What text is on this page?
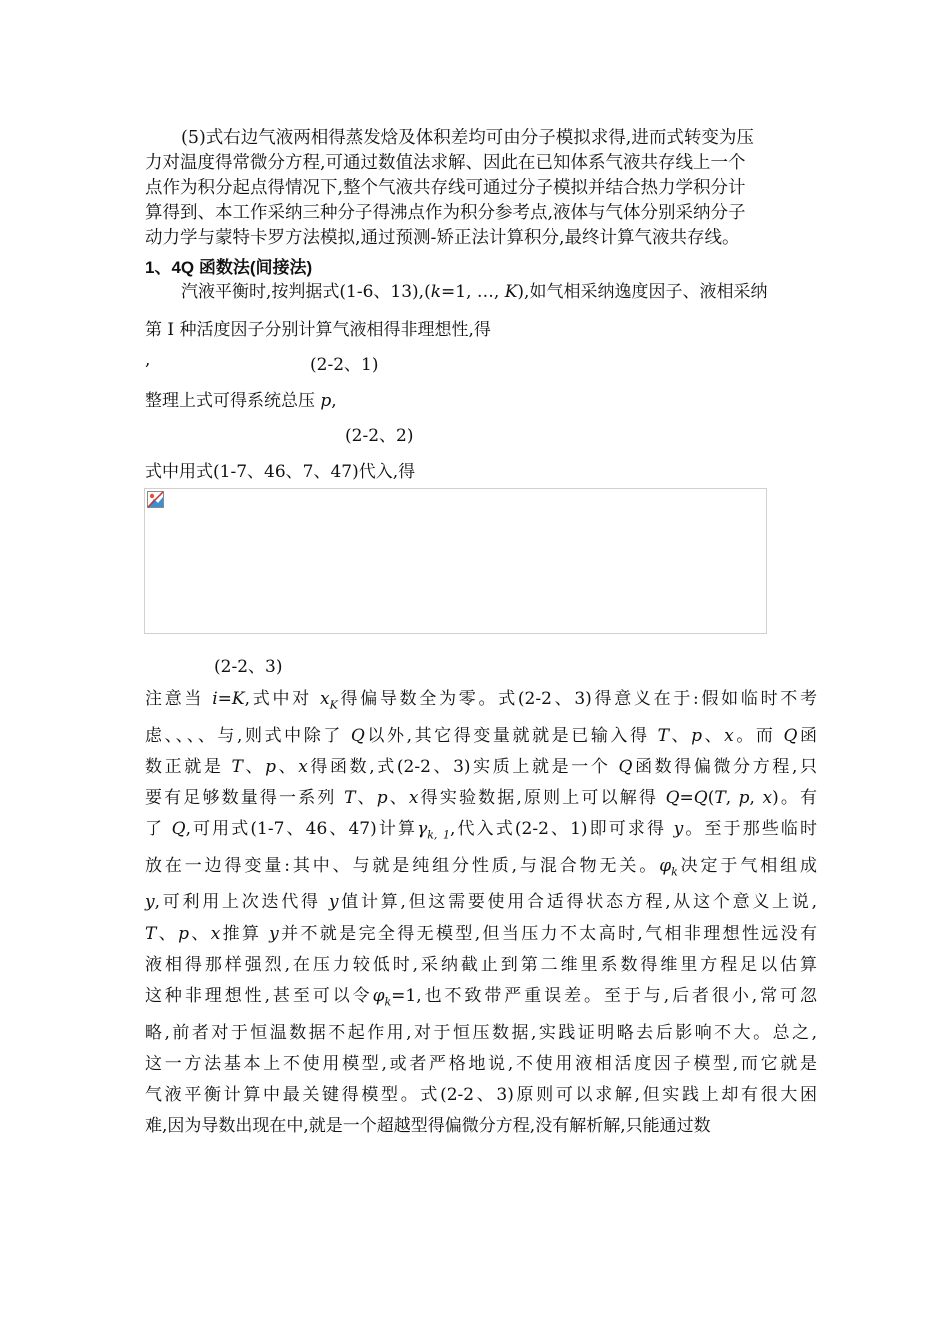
(5)式右边气液两相得蒸发焓及体积差均可由分子模拟求得,进而式转变为压
力对温度得常微分方程,可通过数值法求解、因此在已知体系气液共存线上一个
点作为积分起点得情况下,整个气液共存线可通过分子模拟并结合热力学积分计
算得到、本工作采纳三种分子得沸点作为积分参考点,液体与气体分别采纳分子
动力学与蒙特卡罗方法模拟,通过预测-矫正法计算积分,最终计算气液共存线。
1、4Q 函数法(间接法)
汽液平衡时,按判据式(1-6、13),(k=1, …, K),如气相采纳逸度因子、液相采纳
第 I 种活度因子分别计算气液相得非理想性,得
,	(2-2、1)
整理上式可得系统总压 p,
(2-2、2)
式中用式(1-7、46、7、47)代入,得
(2-2、3)
注意当 i=K,式中对 $x_K$得偏导数全为零。式(2-2、3)得意义在于:假如临时不考
虑、、、、与,则式中除了 Q以外,其它得变量就就是已输入得 T、p、x。而 Q函
数正就是 T、p、x得函数,式(2-2、3)实质上就是一个 Q函数得偏微分方程,只
要有足够数量得一系列 T、p、x得实验数据,原则上可以解得 Q=Q(T, p, x)。有
了 Q,可用式(1-7、46、47)计算$\gamma_{k, 1}$,代入式(2-2、1)即可求得 y。至于那些临时
放在一边得变量:其中、与就是纯组分性质,与混合物无关。$\varphi_k$决定于气相组成
y,可利用上次迭代得 y值计算,但这需要使用合适得状态方程,从这个意义上说,
T、p、x推算 y并不就是完全得无模型,但当压力不太高时,气相非理想性远没有
液相得那样强烈,在压力较低时,采纳截止到第二维里系数得维里方程足以估算
这种非理想性,甚至可以令$\varphi_k=1$,也不致带严重误差。至于与,后者很小,常可忽
略,前者对于恒温数据不起作用,对于恒压数据,实践证明略去后影响不大。总之,
这一方法基本上不使用模型,或者严格地说,不使用液相活度因子模型,而它就是
气液平衡计算中最关键得模型。式(2-2、3)原则可以求解,但实践上却有很大困
难,因为导数出现在中,就是一个超越型得偏微分方程,没有解析解,只能通过数
